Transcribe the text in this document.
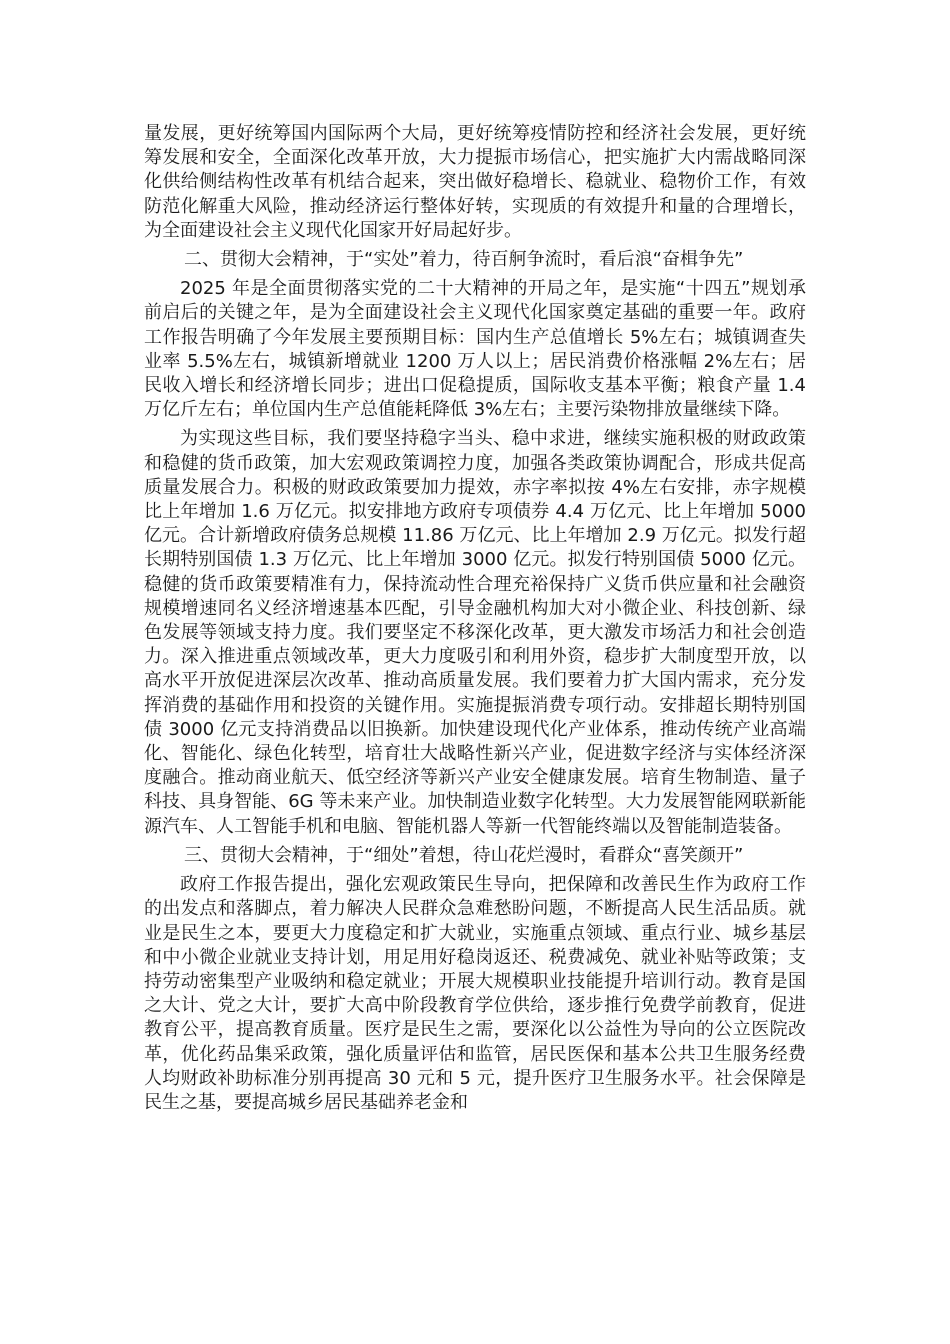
量发展，更好统筹国内国际两个大局，更好统筹疫情防控和经济社会发展，更好统筹发展和安全，全面深化改革开放，大力提振市场信心，把实施扩大内需战略同深化供给侧结构性改革有机结合起来，突出做好稳增长、稳就业、稳物价工作，有效防范化解重大风险，推动经济运行整体好转，实现质的有效提升和量的合理增长，为全面建设社会主义现代化国家开好局起好步。

二、贯彻大会精神，于“实处”着力，待百舸争流时，看后浪“奋楫争先”

2025 年是全面贯彻落实党的二十大精神的开局之年，是实施“十四五”规划承前启后的关键之年，是为全面建设社会主义现代化国家奠定基础的重要一年。政府工作报告明确了今年发展主要预期目标：国内生产总值增长 5%左右；城镇调查失业率 5.5%左右，城镇新增就业 1200 万人以上；居民消费价格涨幅 2%左右；居民收入增长和经济增长同步；进出口促稳提质，国际收支基本平衡；粮食产量 1.4 万亿斤左右；单位国内生产总值能耗降低 3%左右；主要污染物排放量继续下降。

为实现这些目标，我们要坚持稳字当头、稳中求进，继续实施积极的财政政策和稳健的货币政策，加大宏观政策调控力度，加强各类政策协调配合，形成共促高质量发展合力。积极的财政政策要加力提效，赤字率拟按 4%左右安排，赤字规模比上年增加 1.6 万亿元。拟安排地方政府专项债券 4.4 万亿元、比上年增加 5000 亿元。合计新增政府债务总规模 11.86 万亿元、比上年增加 2.9 万亿元。拟发行超长期特别国债 1.3 万亿元、比上年增加 3000 亿元。拟发行特别国债 5000 亿元。稳健的货币政策要精准有力，保持流动性合理充裕保持广义货币供应量和社会融资规模增速同名义经济增速基本匹配，引导金融机构加大对小微企业、科技创新、绿色发展等领域支持力度。我们要坚定不移深化改革，更大激发市场活力和社会创造力。深入推进重点领域改革，更大力度吸引和利用外资，稳步扩大制度型开放，以高水平开放促进深层次改革、推动高质量发展。我们要着力扩大国内需求，充分发挥消费的基础作用和投资的关键作用。实施提振消费专项行动。安排超长期特别国债 3000 亿元支持消费品以旧换新。加快建设现代化产业体系，推动传统产业高端化、智能化、绿色化转型，培育壮大战略性新兴产业，促进数字经济与实体经济深度融合。推动商业航天、低空经济等新兴产业安全健康发展。培育生物制造、量子科技、具身智能、6G 等未来产业。加快制造业数字化转型。大力发展智能网联新能源汽车、人工智能手机和电脑、智能机器人等新一代智能终端以及智能制造装备。

三、贯彻大会精神，于“细处”着想，待山花烂漫时，看群众“喜笑颜开”

政府工作报告提出，强化宏观政策民生导向，把保障和改善民生作为政府工作的出发点和落脚点，着力解决人民群众急难愁盼问题，不断提高人民生活品质。就业是民生之本，要更大力度稳定和扩大就业，实施重点领域、重点行业、城乡基层和中小微企业就业支持计划，用足用好稳岗返还、税费减免、就业补贴等政策；支持劳动密集型产业吸纳和稳定就业；开展大规模职业技能提升培训行动。教育是国之大计、党之大计，要扩大高中阶段教育学位供给，逐步推行免费学前教育，促进教育公平，提高教育质量。医疗是民生之需，要深化以公益性为导向的公立医院改革，优化药品集采政策，强化质量评估和监管，居民医保和基本公共卫生服务经费人均财政补助标准分别再提高 30 元和 5 元，提升医疗卫生服务水平。社会保障是民生之基，要提高城乡居民基础养老金和
